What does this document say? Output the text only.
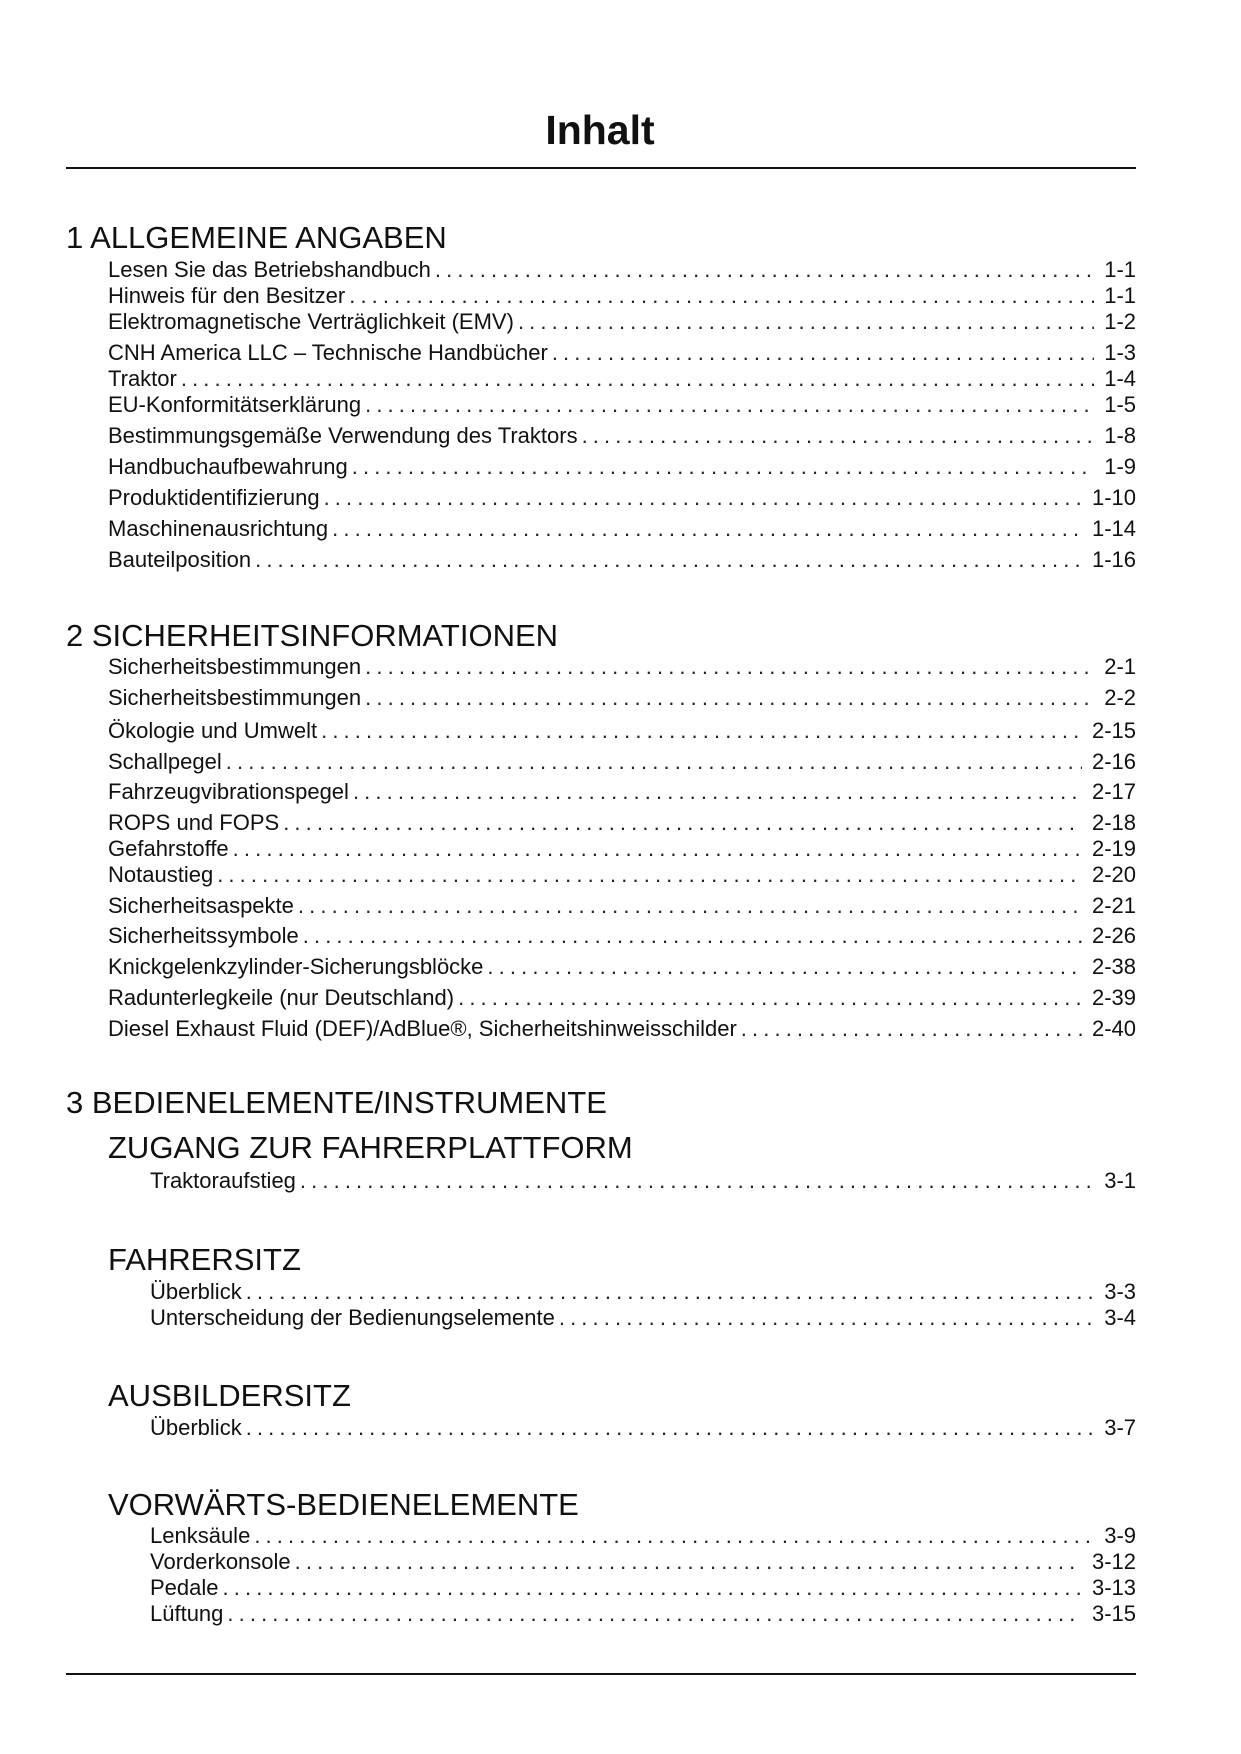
Inhalt
1 ALLGEMEINE ANGABEN
Lesen Sie das Betriebshandbuch . . .	1-1
Hinweis für den Besitzer . . .	1-1
Elektromagnetische Verträglichkeit (EMV) . . .	1-2
CNH America LLC – Technische Handbücher . . .	1-3
Traktor . . .	1-4
EU-Konformitätserklärung . . .	1-5
Bestimmungsgemäße Verwendung des Traktors . . .	1-8
Handbuchaufbewahrung . . .	1-9
Produktidentifizierung . . .	1-10
Maschinenausrichtung . . .	1-14
Bauteilposition . . .	1-16
2 SICHERHEITSINFORMATIONEN
Sicherheitsbestimmungen . . .	2-1
Sicherheitsbestimmungen . . .	2-2
Ökologie und Umwelt . . .	2-15
Schallpegel . . .	2-16
Fahrzeugvibrationspegel . . .	2-17
ROPS und FOPS . . .	2-18
Gefahrstoffe . . .	2-19
Notaustieg . . .	2-20
Sicherheitsaspekte . . .	2-21
Sicherheitssymbole . . .	2-26
Knickgelenkzylinder-Sicherungsblöcke . . .	2-38
Radunterlegkeile (nur Deutschland) . . .	2-39
Diesel Exhaust Fluid (DEF)/AdBlue®, Sicherheitshinweisschilder . . .	2-40
3 BEDIENELEMENTE/INSTRUMENTE
ZUGANG ZUR FAHRERPLATTFORM
Traktoraufstieg . . .	3-1
FAHRERSITZ
Überblick . . .	3-3
Unterscheidung der Bedienungselemente . . .	3-4
AUSBILDERSITZ
Überblick . . .	3-7
VORWÄRTS-BEDIENELEMENTE
Lenksäule . . .	3-9
Vorderkonsole . . .	3-12
Pedale . . .	3-13
Lüftung . . .	3-15
